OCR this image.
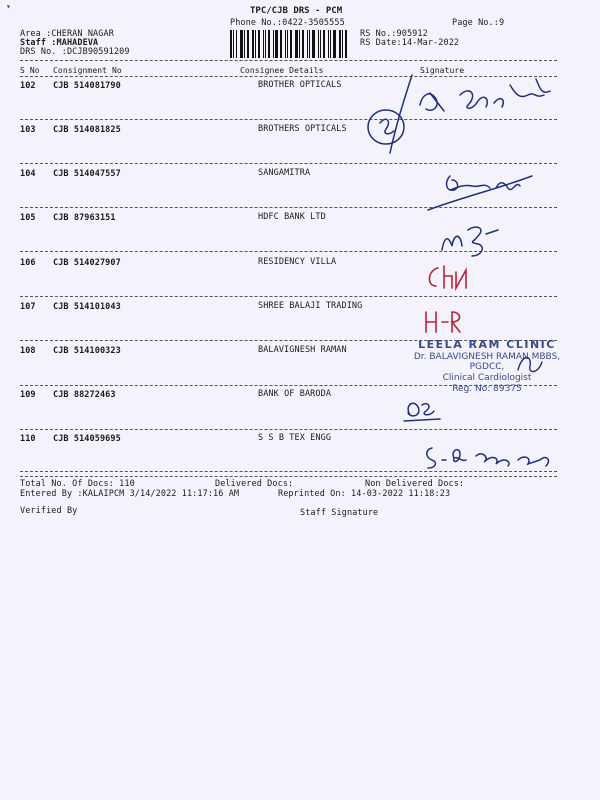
▾	TPC/CJB DRS - PCM
Phone No.:0422-3505555	Page No.:9
Area :CHERAN NAGAR
Staff :MAHADEVA
DRS No. :DCJB90591209
RS No.:905912
RS Date:14-Mar-2022
S No Consignment No	Consignee Details	Signature
102 CJB 514081790	BROTHER OPTICALS
103 CJB 514081825	BROTHERS OPTICALS
104 CJB 514047557	SANGAMITRA
105 CJB 87963151	HDFC BANK LTD
106 CJB 514027907	RESIDENCY VILLA
107 CJB 514101043	SHREE BALAJI TRADING
108 CJB 514100323	BALAVIGNESH RAMAN
109 CJB 88272463	BANK OF BARODA
110 CJB 514059695	S S B TEX ENGG
LEELA RAM CLINIC
Dr. BALAVIGNESH RAMAN MBBS, PGDCC,
Clinical Cardiologist
Reg. No: 89375
Total No. Of Docs: 110	Delivered Docs:	Non Delivered Docs:
Entered By :KALAIPCM 3/14/2022 11:17:16 AM	Reprinted On: 14-03-2022 11:18:23
Verified By	Staff Signature
